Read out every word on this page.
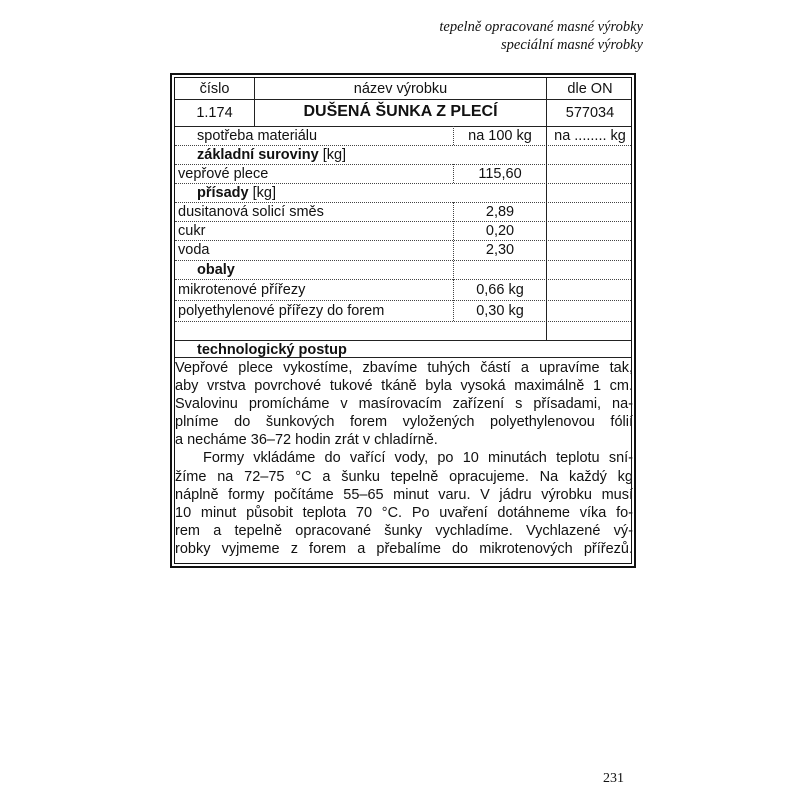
tepelně opracované masné výrobky
speciální masné výrobky
číslo	název výrobku	dle ON
1.174	DUŠENÁ ŠUNKA Z PLECÍ	577034
spotřeba materiálu	na 100 kg	na ........ kg
základní suroviny [kg]
vepřové plece	115,60
přísady [kg]
dusitanová solicí směs	2,89
cukr	0,20
voda	2,30
obaly
mikrotenové přířezy	0,66 kg
polyethylenové přířezy do forem	0,30 kg
technologický postup
Vepřové plece vykostíme, zbavíme tuhých částí a upravíme tak,
aby vrstva povrchové tukové tkáně byla vysoká maximálně 1 cm.
Svalovinu promícháme v masírovacím zařízení s přísadami, na-
plníme do šunkových forem vyložených polyethylenovou fólií
a necháme 36–72 hodin zrát v chladírně.
Formy vkládáme do vařící vody, po 10 minutách teplotu sní-
žíme na 72–75 °C a šunku tepelně opracujeme. Na každý kg
náplně formy počítáme 55–65 minut varu. V jádru výrobku musí
10 minut působit teplota 70 °C. Po uvaření dotáhneme víka fo-
rem a tepelně opracované šunky vychladíme. Vychlazené vý-
robky vyjmeme z forem a přebalíme do mikrotenových přířezů.
231
